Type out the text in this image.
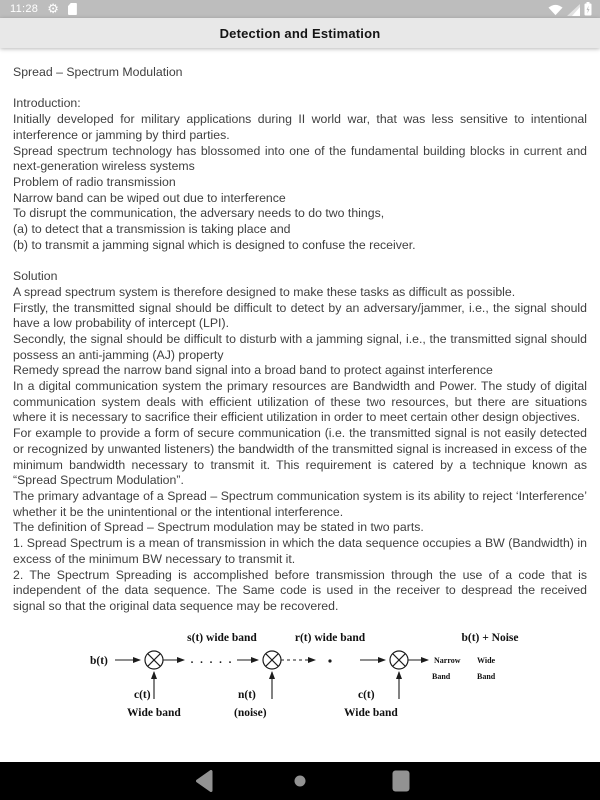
11:28 ⚙
Detection and Estimation

Spread – Spectrum Modulation

Introduction:

Initially developed for military applications during II world war, that was less sensitive to intentional interference or jamming by third parties.

Spread spectrum technology has blossomed into one of the fundamental building blocks in current and next-generation wireless systems

Problem of radio transmission

Narrow band can be wiped out due to interference

To disrupt the communication, the adversary needs to do two things,

(a) to detect that a transmission is taking place and

(b) to transmit a jamming signal which is designed to confuse the receiver.

Solution

A spread spectrum system is therefore designed to make these tasks as difficult as possible.

Firstly, the transmitted signal should be difficult to detect by an adversary/jammer, i.e., the signal should have a low probability of intercept (LPI).

Secondly, the signal should be difficult to disturb with a jamming signal, i.e., the transmitted signal should possess an anti-jamming (AJ) property

Remedy spread the narrow band signal into a broad band to protect against interference

In a digital communication system the primary resources are Bandwidth and Power. The study of digital communication system deals with efficient utilization of these two resources, but there are situations where it is necessary to sacrifice their efficient utilization in order to meet certain other design objectives.

For example to provide a form of secure communication (i.e. the transmitted signal is not easily detected or recognized by unwanted listeners) the bandwidth of the transmitted signal is increased in excess of the minimum bandwidth necessary to transmit it. This requirement is catered by a technique known as “Spread Spectrum Modulation”.

The primary advantage of a Spread – Spectrum communication system is its ability to reject ‘Interference’ whether it be the unintentional or the intentional interference.

The definition of Spread – Spectrum modulation may be stated in two parts.

1. Spread Spectrum is a mean of transmission in which the data sequence occupies a BW (Bandwidth) in excess of the minimum BW necessary to transmit it.

2. The Spectrum Spreading is accomplished before transmission through the use of a code that is independent of the data sequence. The Same code is used in the receiver to despread the received signal so that the original data sequence may be recovered.

s(t) wide band	r(t) wide band	b(t) + Noise
b(t)	. . . . .	Narrow Wide
Band	Band
c(t)	n(t)	c(t)
Wide band	(noise)	Wide band
